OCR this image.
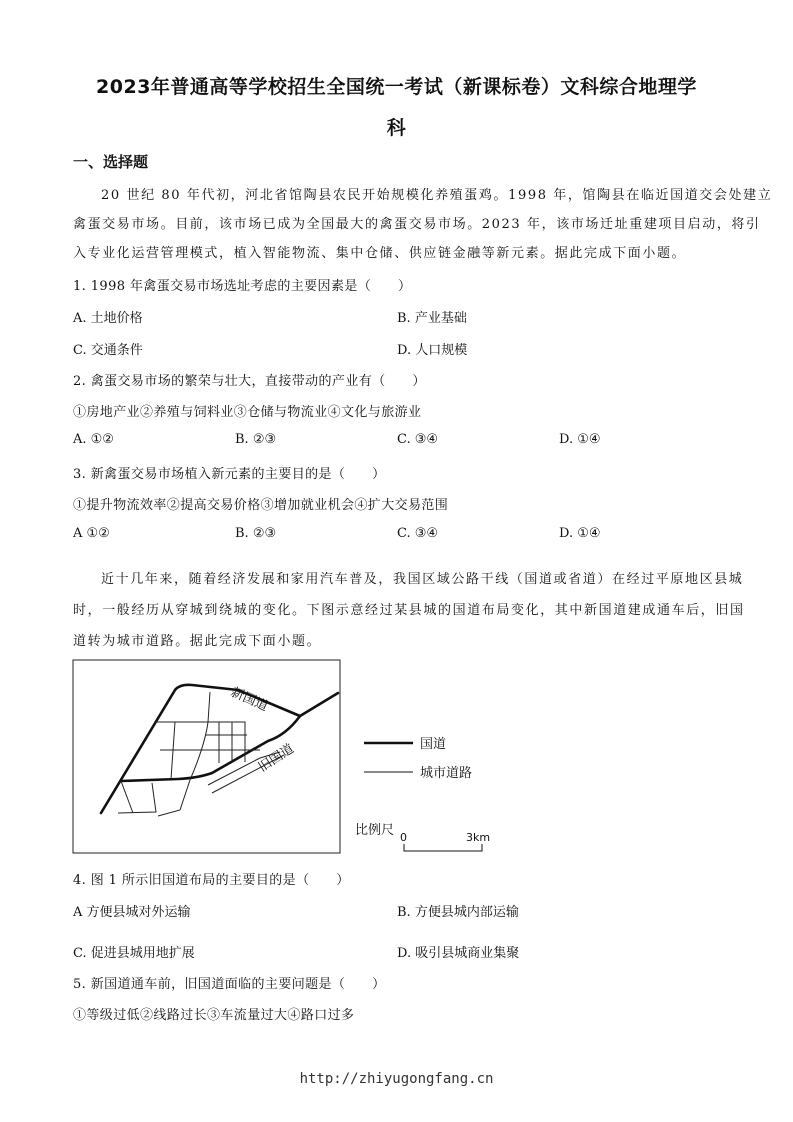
2023年普通高等学校招生全国统一考试（新课标卷）文科综合地理学
科
一、选择题
20 世纪 80 年代初，河北省馆陶县农民开始规模化养殖蛋鸡。1998 年，馆陶县在临近国道交会处建立
禽蛋交易市场。目前，该市场已成为全国最大的禽蛋交易市场。2023 年，该市场迁址重建项目启动，将引
入专业化运营管理模式，植入智能物流、集中仓储、供应链金融等新元素。据此完成下面小题。
1. 1998 年禽蛋交易市场选址考虑的主要因素是（　　）
A. 土地价格	B. 产业基础
C. 交通条件	D. 人口规模
2. 禽蛋交易市场的繁荣与壮大，直接带动的产业有（　　）
①房地产业②养殖与饲料业③仓储与物流业④文化与旅游业
A. ①②	B. ②③	C. ③④	D. ①④
3. 新禽蛋交易市场植入新元素的主要目的是（　　）
①提升物流效率②提高交易价格③增加就业机会④扩大交易范围
A ①②	B. ②③	C. ③④	D. ①④
近十几年来，随着经济发展和家用汽车普及，我国区域公路干线（国道或省道）在经过平原地区县城
时，一般经历从穿城到绕城的变化。下图示意经过某县城的国道布局变化，其中新国道建成通车后，旧国
道转为城市道路。据此完成下面小题。
新国道
旧国道	国道
城市道路
比例尺 0	3km
4. 图 1 所示旧国道布局的主要目的是（　　）
A 方便县城对外运输	B. 方便县城内部运输
C. 促进县城用地扩展	D. 吸引县城商业集聚
5. 新国道通车前，旧国道面临的主要问题是（　　）
①等级过低②线路过长③车流量过大④路口过多
http://zhiyugongfang.cn
